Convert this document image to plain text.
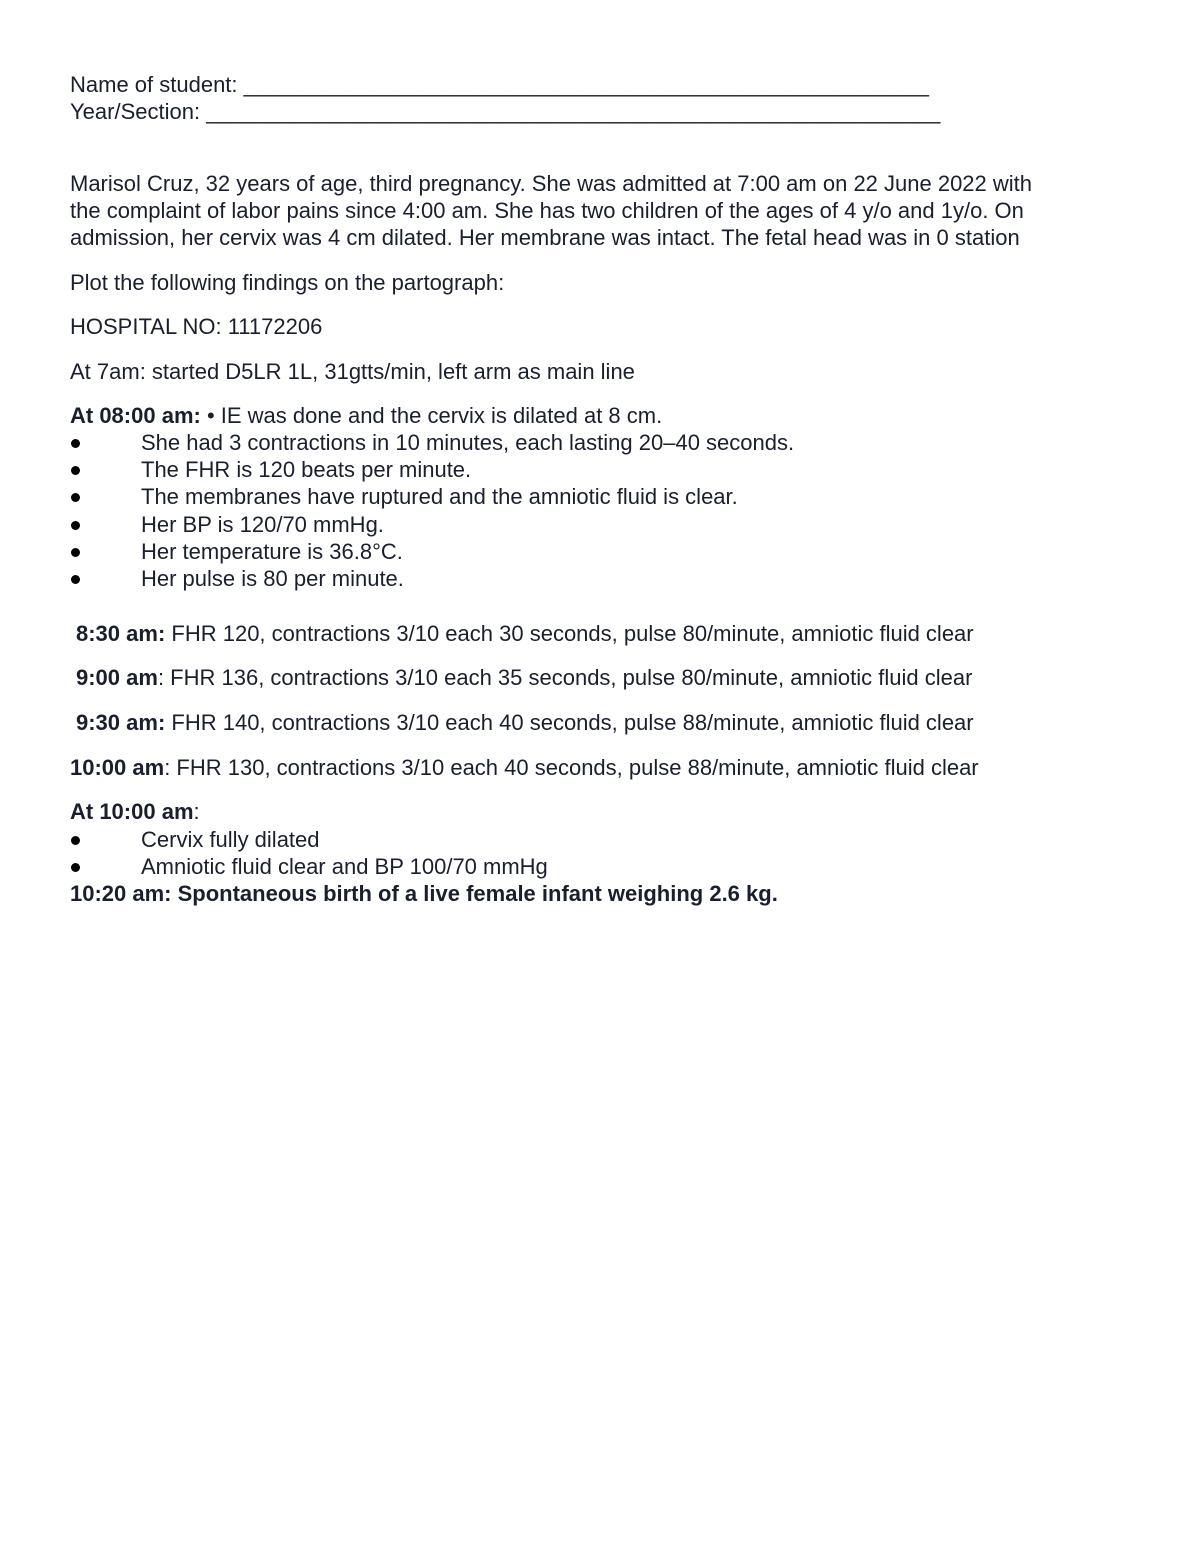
Name of student: ________________________________________________________
Year/Section: ____________________________________________________________
Marisol Cruz, 32 years of age, third pregnancy. She was admitted at 7:00 am on 22 June 2022 with
the complaint of labor pains since 4:00 am. She has two children of the ages of 4 y/o and 1y/o. On
admission, her cervix was 4 cm dilated. Her membrane was intact. The fetal head was in 0 station
Plot the following findings on the partograph:
HOSPITAL NO: 11172206
At 7am: started D5LR 1L, 31gtts/min, left arm as main line
At 08:00 am: • IE was done and the cervix is dilated at 8 cm.
She had 3 contractions in 10 minutes, each lasting 20–40 seconds.
The FHR is 120 beats per minute.
The membranes have ruptured and the amniotic fluid is clear.
Her BP is 120/70 mmHg.
Her temperature is 36.8°C.
Her pulse is 80 per minute.
8:30 am: FHR 120, contractions 3/10 each 30 seconds, pulse 80/minute, amniotic fluid clear
9:00 am: FHR 136, contractions 3/10 each 35 seconds, pulse 80/minute, amniotic fluid clear
9:30 am: FHR 140, contractions 3/10 each 40 seconds, pulse 88/minute, amniotic fluid clear
10:00 am: FHR 130, contractions 3/10 each 40 seconds, pulse 88/minute, amniotic fluid clear
At 10:00 am:
Cervix fully dilated
Amniotic fluid clear and BP 100/70 mmHg
10:20 am: Spontaneous birth of a live female infant weighing 2.6 kg.
